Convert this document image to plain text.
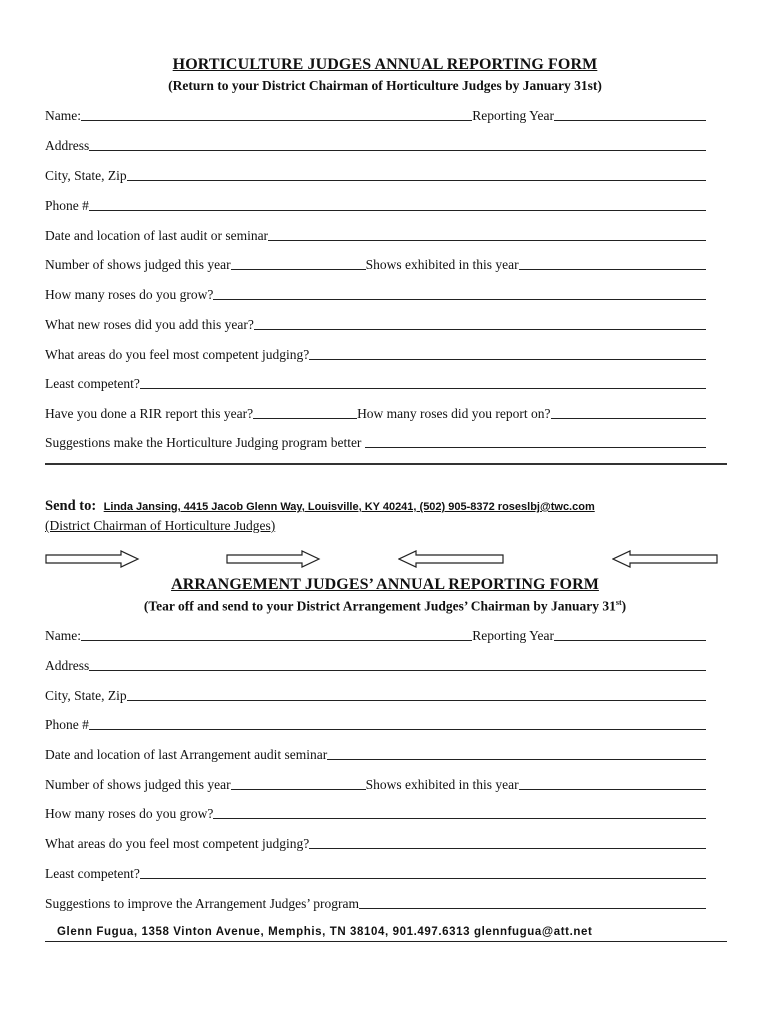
HORTICULTURE JUDGES ANNUAL REPORTING FORM
(Return to your District Chairman of Horticulture Judges by January 31st)
Name:	Reporting Year
Address
City, State, Zip
Phone #
Date and location of last audit or seminar
Number of shows judged this year	Shows exhibited in this year
How many roses do you grow?
What new roses did you add this year?
What areas do you feel most competent judging?
Least competent?
Have you done a RIR report this year?	How many roses did you report on?
Suggestions make the Horticulture Judging program better
Send to: Linda Jansing, 4415 Jacob Glenn Way, Louisville, KY 40241, (502) 905-8372 roseslbj@twc.com
(District Chairman of Horticulture Judges)
ARRANGEMENT JUDGES’ ANNUAL REPORTING FORM
(Tear off and send to your District Arrangement Judges’ Chairman by January 31st)
Name:	Reporting Year
Address
City, State, Zip
Phone #
Date and location of last Arrangement audit seminar
Number of shows judged this year	Shows exhibited in this year
How many roses do you grow?
What areas do you feel most competent judging?
Least competent?
Suggestions to improve the Arrangement Judges’ program
Glenn Fugua, 1358 Vinton Avenue, Memphis, TN 38104, 901.497.6313 glennfugua@att.net
